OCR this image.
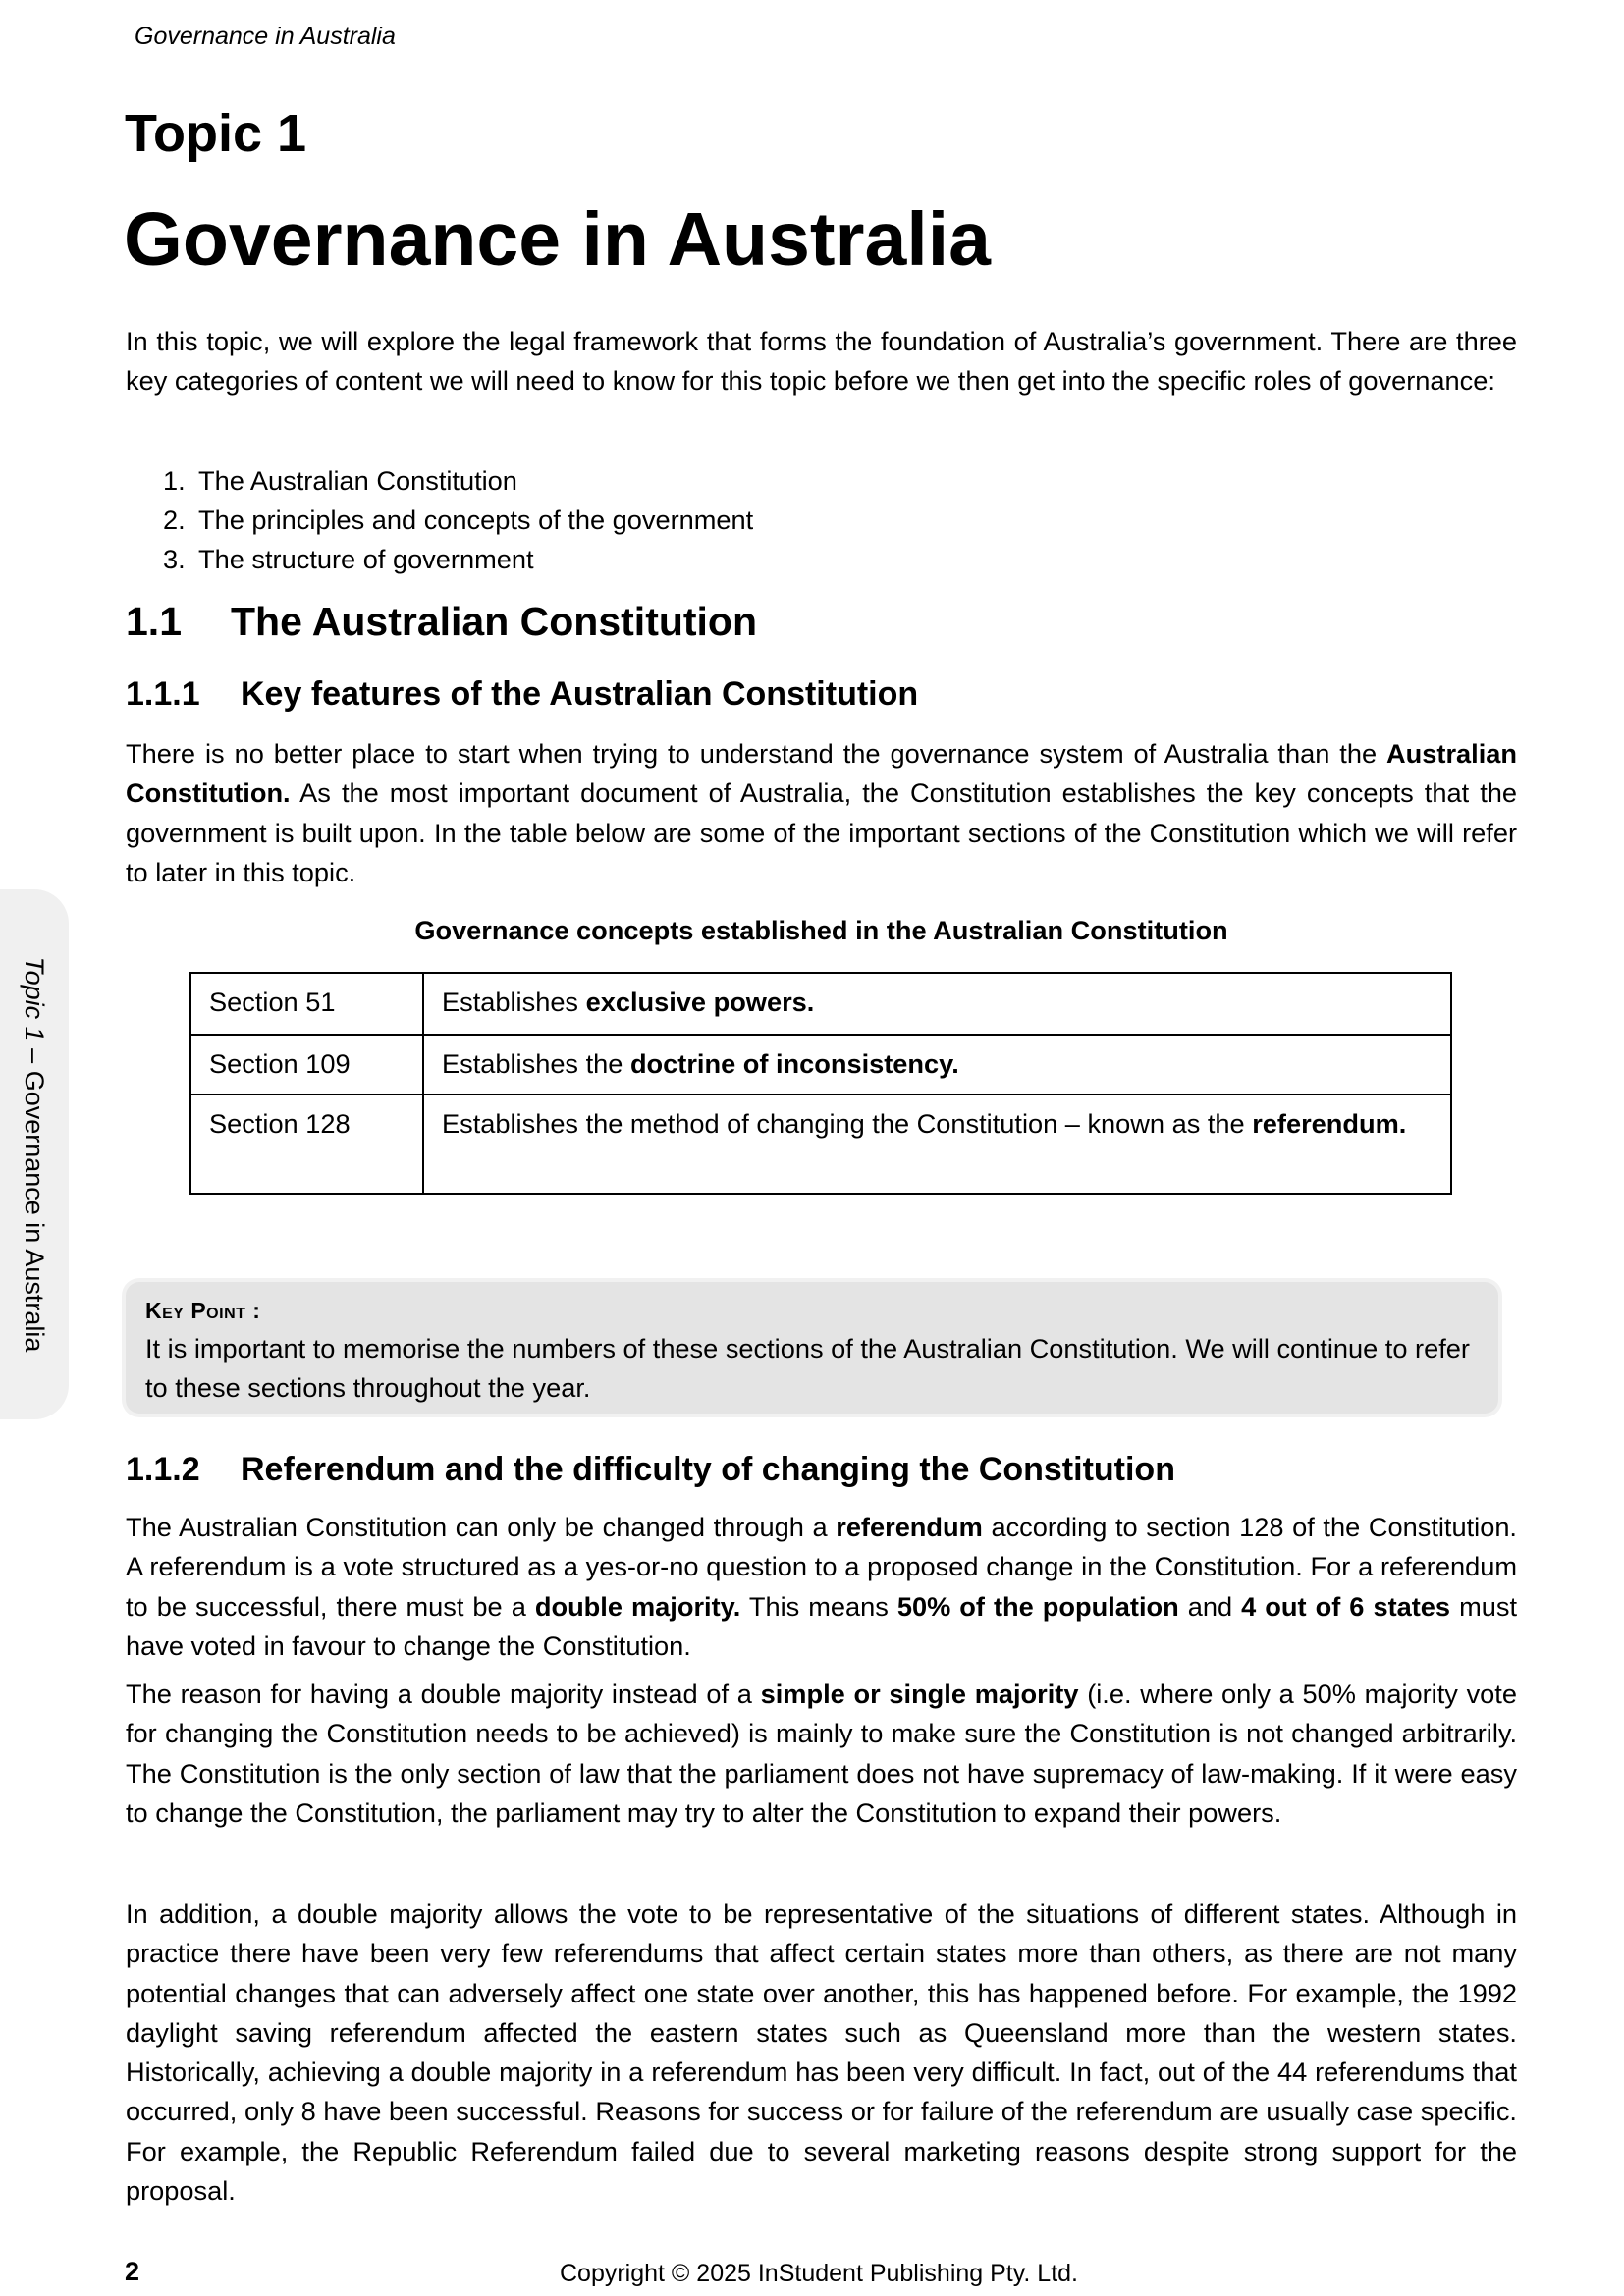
Governance in Australia
Topic 1 – Governance in Australia
Topic 1
Governance in Australia

In this topic, we will explore the legal framework that forms the foundation of Australia’s government. There are three key categories of content we will need to know for this topic before we then get into the specific roles of governance:

1. The Australian Constitution
2. The principles and concepts of the government
3. The structure of government
1.1	The Australian Constitution
1.1.1	Key features of the Australian Constitution

There is no better place to start when trying to understand the governance system of Australia than the Australian Constitution. As the most important document of Australia, the Constitution establishes the key concepts that the government is built upon. In the table below are some of the important sections of the Constitution which we will refer to later in this topic.

Governance concepts established in the Australian Constitution
Section 51	Establishes exclusive powers.
Section 109	Establishes the doctrine of inconsistency.
Section 128	Establishes the method of changing the Constitution – known as the referendum.
Key Point :
It is important to memorise the numbers of these sections of the Australian Constitution. We will continue to refer to these sections throughout the year.
1.1.2	Referendum and the difficulty of changing the Constitution

The Australian Constitution can only be changed through a referendum according to section 128 of the Constitution. A referendum is a vote structured as a yes-or-no question to a proposed change in the Constitution. For a referendum to be successful, there must be a double majority. This means 50% of the population and 4 out of 6 states must have voted in favour to change the Constitution.

The reason for having a double majority instead of a simple or single majority (i.e. where only a 50% majority vote for changing the Constitution needs to be achieved) is mainly to make sure the Constitution is not changed arbitrarily. The Constitution is the only section of law that the parliament does not have supremacy of law-making. If it were easy to change the Constitution, the parliament may try to alter the Constitution to expand their powers.

In addition, a double majority allows the vote to be representative of the situations of different states. Although in practice there have been very few referendums that affect certain states more than others, as there are not many potential changes that can adversely affect one state over another, this has happened before. For example, the 1992 daylight saving referendum affected the eastern states such as Queensland more than the western states. Historically, achieving a double majority in a referendum has been very difficult. In fact, out of the 44 referendums that occurred, only 8 have been successful. Reasons for success or for failure of the referendum are usually case specific. For example, the Republic Referendum failed due to several marketing reasons despite strong support for the proposal.

2	Copyright © 2025 InStudent Publishing Pty. Ltd.
